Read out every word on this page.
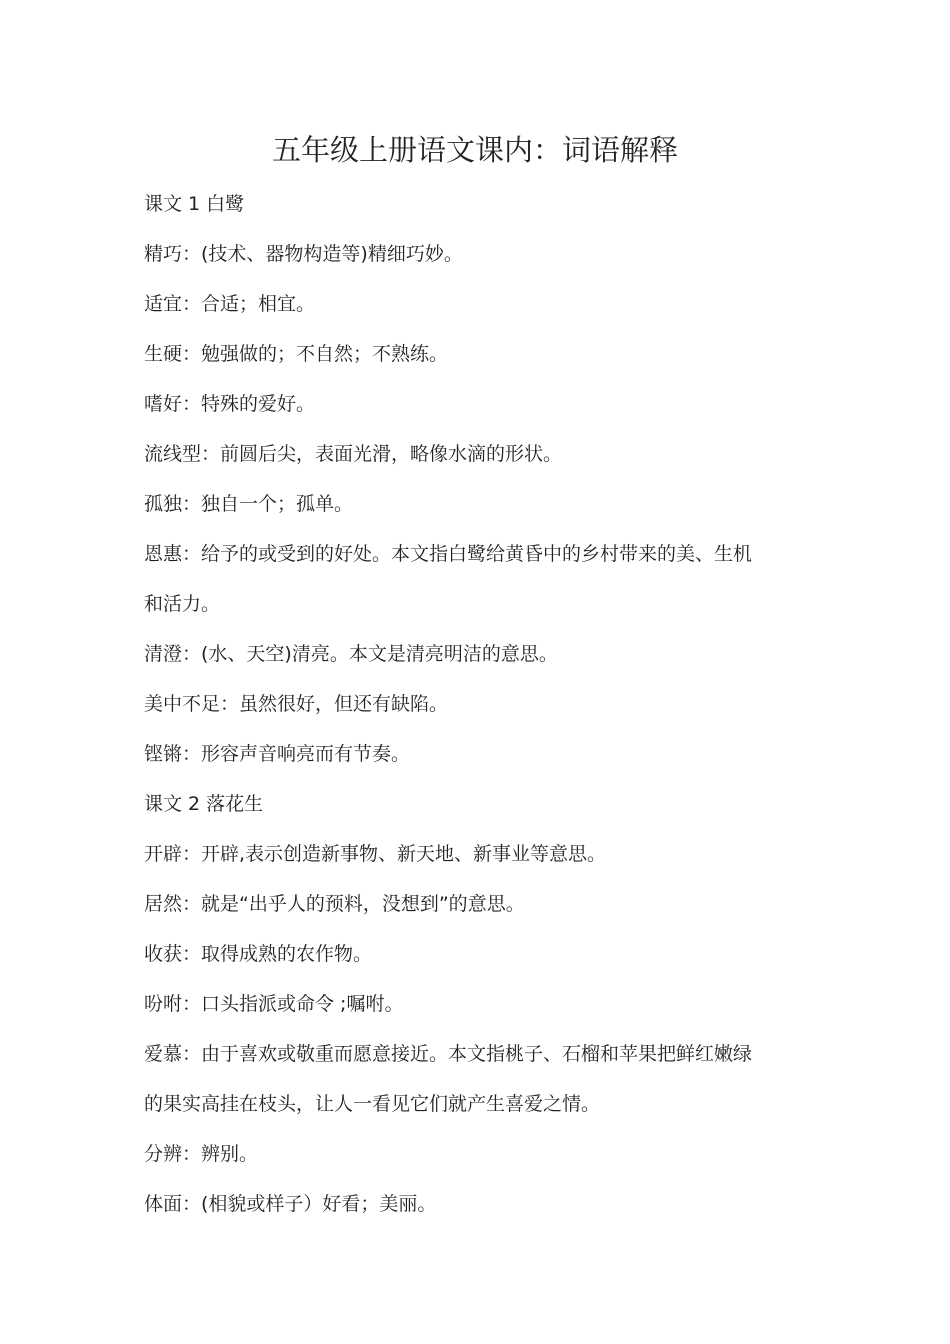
五年级上册语文课内：词语解释
课文 1 白鹭
精巧：(技术、器物构造等)精细巧妙。
适宜：合适；相宜。
生硬：勉强做的；不自然；不熟练。
嗜好：特殊的爱好。
流线型：前圆后尖，表面光滑，略像水滴的形状。
孤独：独自一个；孤单。
恩惠：给予的或受到的好处。本文指白鹭给黄昏中的乡村带来的美、生机
和活力。
清澄：(水、天空)清亮。本文是清亮明洁的意思。
美中不足：虽然很好，但还有缺陷。
铿锵：形容声音响亮而有节奏。
课文 2 落花生
开辟：开辟,表示创造新事物、新天地、新事业等意思。
居然：就是“出乎人的预料，没想到”的意思。
收获：取得成熟的农作物。
吩咐：口头指派或命令 ;嘱咐。
爱慕：由于喜欢或敬重而愿意接近。本文指桃子、石榴和苹果把鲜红嫩绿
的果实高挂在枝头，让人一看见它们就产生喜爱之情。
分辨：辨别。
体面：(相貌或样子）好看；美丽。
